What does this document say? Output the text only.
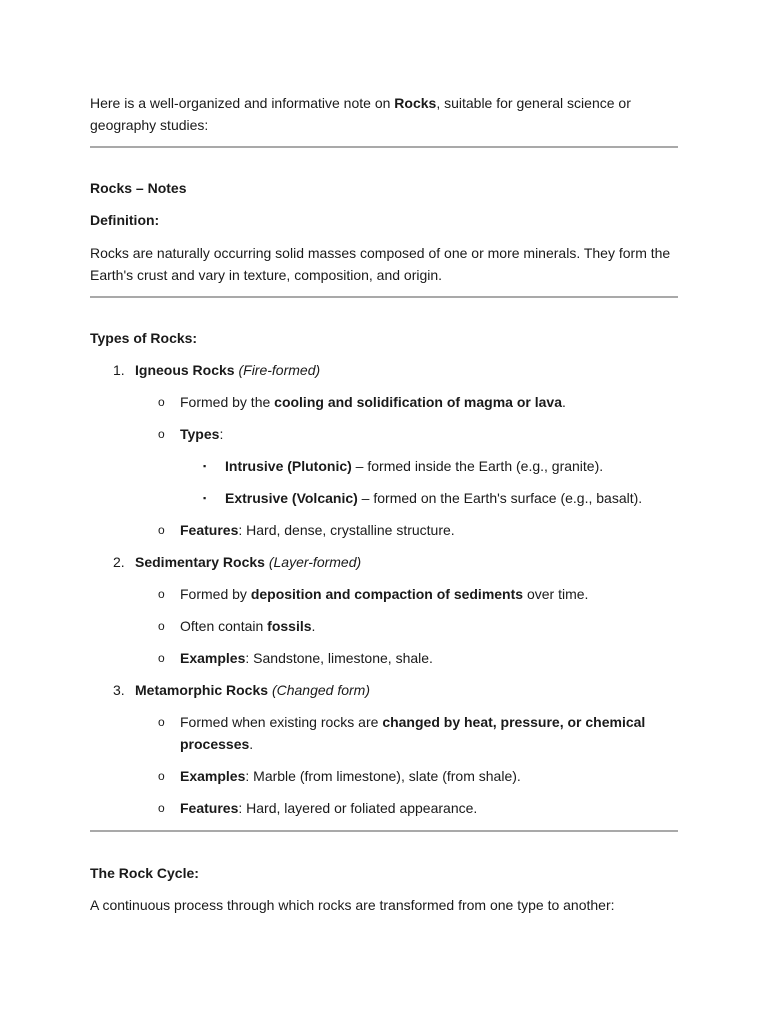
Here is a well-organized and informative note on Rocks, suitable for general science or geography studies:
Rocks – Notes
Definition:
Rocks are naturally occurring solid masses composed of one or more minerals. They form the Earth's crust and vary in texture, composition, and origin.
Types of Rocks:
1. Igneous Rocks (Fire-formed)
o Formed by the cooling and solidification of magma or lava.
o Types:
▪ Intrusive (Plutonic) – formed inside the Earth (e.g., granite).
▪ Extrusive (Volcanic) – formed on the Earth's surface (e.g., basalt).
o Features: Hard, dense, crystalline structure.
2. Sedimentary Rocks (Layer-formed)
o Formed by deposition and compaction of sediments over time.
o Often contain fossils.
o Examples: Sandstone, limestone, shale.
3. Metamorphic Rocks (Changed form)
o Formed when existing rocks are changed by heat, pressure, or chemical
processes.
o Examples: Marble (from limestone), slate (from shale).
o Features: Hard, layered or foliated appearance.
The Rock Cycle:
A continuous process through which rocks are transformed from one type to another:
